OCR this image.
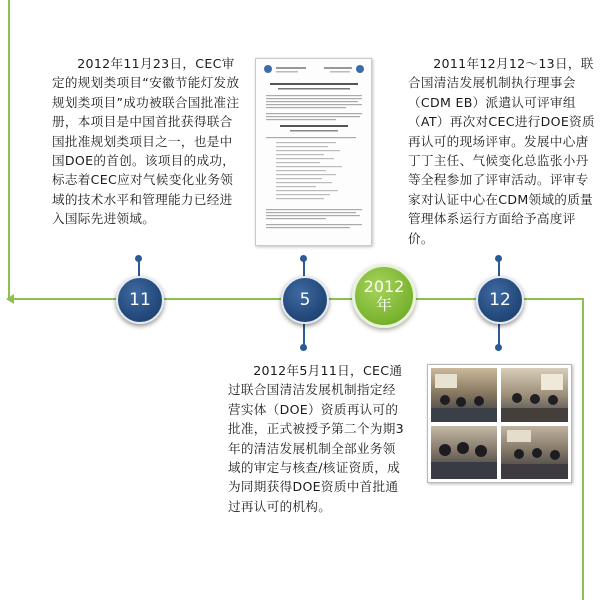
2012年11月23日，CEC审定的规划类项目“安徽节能灯发放规划类项目”成功被联合国批准注册，本项目是中国首批获得联合国批准规划类项目之一，也是中国DOE的首创。该项目的成功，标志着CEC应对气候变化业务领域的技术水平和管理能力已经进入国际先进领域。

2011年12月12～13日，联合国清洁发展机制执行理事会（CDM EB）派遣认可评审组（AT）再次对CEC进行DOE资质再认可的现场评审。发展中心唐丁丁主任、气候变化总监张小丹等全程参加了评审活动。评审专家对认证中心在CDM领域的质量管理体系运行方面给予高度评价。

11	5
2012
年	12

2012年5月11日，CEC通过联合国清洁发展机制指定经营实体（DOE）资质再认可的批准，正式被授予第二个为期3年的清洁发展机制全部业务领域的审定与核查/核证资质，成为同期获得DOE资质中首批通过再认可的机构。
